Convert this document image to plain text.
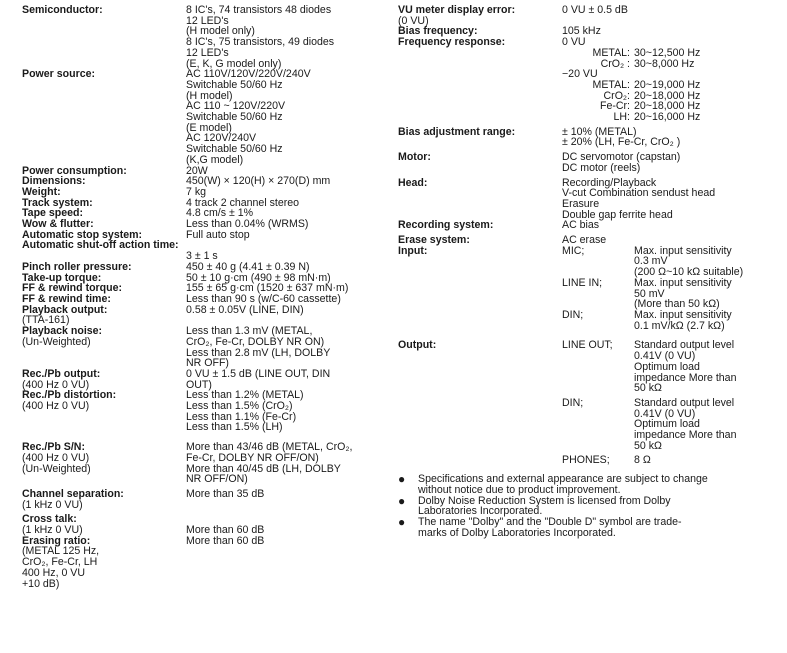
Semiconductor:	8 IC's, 74 transistors 48 diodes
12 LED's
(H model only)
8 IC's, 75 transistors, 49 diodes
12 LED's
(E, K, G model only)
Power source:	AC 110V/120V/220V/240V
Switchable 50/60 Hz
(H model)
AC 110 ~ 120V/220V
Switchable 50/60 Hz
(E model)
AC 120V/240V
Switchable 50/60 Hz
(K,G model)
Power consumption:	20W
Dimensions:	450(W) × 120(H) × 270(D) mm
Weight:	7 kg
Track system:	4 track 2 channel stereo
Tape speed:	4.8 cm/s ± 1%
Wow & flutter:	Less than 0.04% (WRMS)
Automatic stop system:	Full auto stop
Automatic shut-off action time:

3 ± 1 s
Pinch roller pressure:	450 ± 40 g (4.41 ± 0.39 N)
Take-up torque:	50 ± 10 g·cm (490 ± 98 mN·m)
FF & rewind torque:	155 ± 65 g·cm (1520 ± 637 mN·m)
FF & rewind time:	Less than 90 s (w/C-60 cassette)
Playback output:
(TTA-161)
0.58 ± 0.05V (LINE, DIN)
Playback noise:
(Un-Weighted)
Less than 1.3 mV (METAL,
CrO₂, Fe-Cr, DOLBY NR ON)
Less than 2.8 mV (LH, DOLBY
NR OFF)
Rec./Pb output:
(400 Hz 0 VU)
0 VU ± 1.5 dB (LINE OUT, DIN
OUT)
Rec./Pb distortion:
(400 Hz 0 VU)
Less than 1.2% (METAL)
Less than 1.5% (CrO₂)
Less than 1.1% (Fe-Cr)
Less than 1.5% (LH)
Rec./Pb S/N:
(400 Hz 0 VU)
(Un-Weighted)
More than 43/46 dB (METAL, CrO₂,
Fe-Cr, DOLBY NR OFF/ON)
More than 40/45 dB (LH, DOLBY
NR OFF/ON)
Channel separation:
(1 kHz 0 VU)
More than 35 dB
Cross talk:
(1 kHz 0 VU)
	More than 60 dB
Erasing ratio:
(METAL 125 Hz,
CrO₂, Fe-Cr, LH
400 Hz, 0 VU
+10 dB)
More than 60 dB
VU meter display error:
(0 VU)
0 VU ± 0.5 dB
Bias frequency:	105 kHz
Frequency response:	0 VU
METAL: 30~12,500 Hz
CrO₂ : 30~8,000 Hz
−20 VU
METAL: 20~19,000 Hz
CrO₂: 20~18,000 Hz
Fe-Cr: 20~18,000 Hz
LH: 20~16,000 Hz
Bias adjustment range:	± 10% (METAL)
± 20% (LH, Fe-Cr, CrO₂ )
Motor:	DC servomotor (capstan)
DC motor (reels)
Head:	Recording/Playback
V-cut Combination sendust head
Erasure
Double gap ferrite head
Recording system:	AC bias
Erase system:	AC erase
Input:	MIC;	Max. input sensitivity
0.3 mV
(200 Ω~10 kΩ suitable)
LINE IN;	Max. input sensitivity
50 mV
(More than 50 kΩ)
DIN;	Max. input sensitivity
0.1 mV/kΩ (2.7 kΩ)
Output:	LINE OUT;	Standard output level
0.41V (0 VU)
Optimum load
impedance More than
50 kΩ
DIN;	Standard output level
0.41V (0 VU)
Optimum load
impedance More than
50 kΩ
PHONES;	8 Ω
●	Specifications and external appearance are subject to change
without notice due to product improvement.
●	Dolby Noise Reduction System is licensed from Dolby
Laboratories Incorporated.
●	The name "Dolby" and the "Double D" symbol are trade-
marks of Dolby Laboratories Incorporated.
